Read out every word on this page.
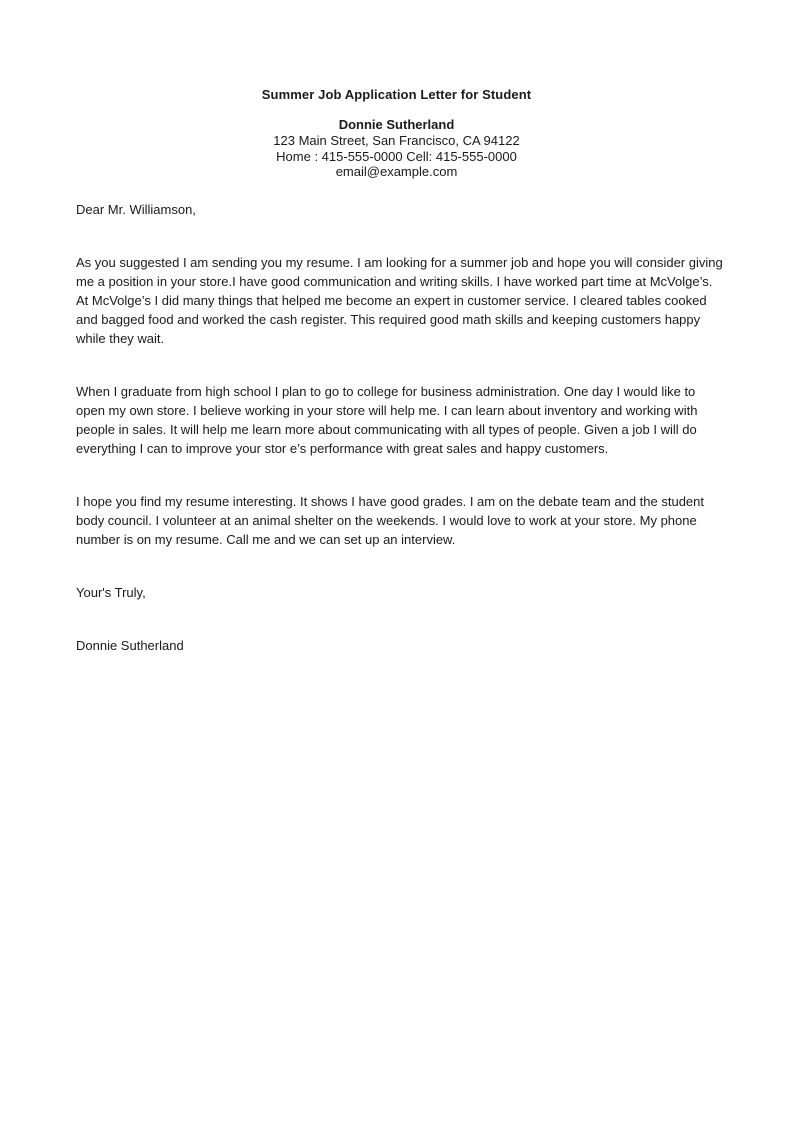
Summer Job Application Letter for Student
Donnie Sutherland
123 Main Street, San Francisco, CA 94122
Home : 415-555-0000 Cell: 415-555-0000
email@example.com

Dear Mr. Williamson,

As you suggested I am sending you my resume. I am looking for a summer job and hope you will consider giving me a position in your store.I have good communication and writing skills. I have worked part time at McVolge’s. At McVolge’s I did many things that helped me become an expert in customer service. I cleared tables cooked and bagged food and worked the cash register. This required good math skills and keeping customers happy while they wait.

When I graduate from high school I plan to go to college for business administration. One day I would like to open my own store. I believe working in your store will help me. I can learn about inventory and working with people in sales. It will help me learn more about communicating with all types of people. Given a job I will do everything I can to improve your stor e’s performance with great sales and happy customers.

I hope you find my resume interesting. It shows I have good grades. I am on the debate team and the student body council. I volunteer at an animal shelter on the weekends. I would love to work at your store. My phone number is on my resume. Call me and we can set up an interview.

Your's Truly,

Donnie Sutherland
